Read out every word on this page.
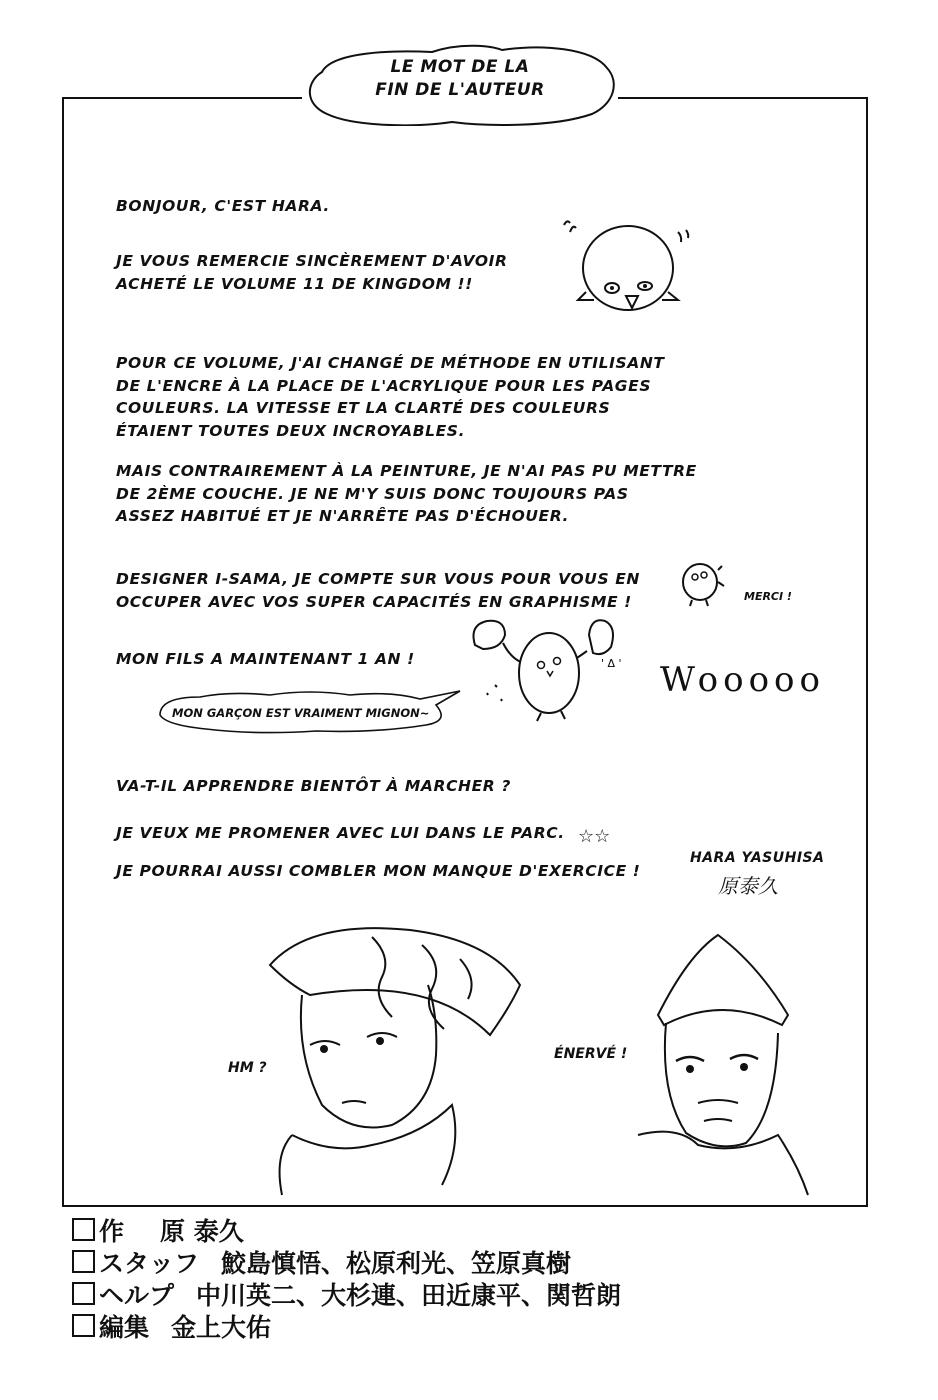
LE MOT DE LA
FIN DE L'AUTEUR
BONJOUR, C'EST HARA.
JE VOUS REMERCIE SINCÈREMENT D'AVOIR
ACHETÉ LE VOLUME 11 DE KINGDOM !!
POUR CE VOLUME, J'AI CHANGÉ DE MÉTHODE EN UTILISANT
DE L'ENCRE À LA PLACE DE L'ACRYLIQUE POUR LES PAGES
COULEURS. LA VITESSE ET LA CLARTÉ DES COULEURS
ÉTAIENT TOUTES DEUX INCROYABLES.
MAIS CONTRAIREMENT À LA PEINTURE, JE N'AI PAS PU METTRE
DE 2ÈME COUCHE. JE NE M'Y SUIS DONC TOUJOURS PAS
ASSEZ HABITUÉ ET JE N'ARRÊTE PAS D'ÉCHOUER.
DESIGNER I-SAMA, JE COMPTE SUR VOUS POUR VOUS EN
OCCUPER AVEC VOS SUPER CAPACITÉS EN GRAPHISME !
MON FILS A MAINTENANT 1 AN !
VA-T-IL APPRENDRE BIENTÔT À MARCHER ?
JE VEUX ME PROMENER AVEC LUI DANS LE PARC.
JE POURRAI AUSSI COMBLER MON MANQUE D'EXERCICE !
MERCI !
' Δ ' Wooooo
MON GARÇON EST VRAIMENT MIGNON~
☆☆
HARA YASUHISA
原泰久
HM ?
ÉNERVÉ !
作 原 泰久
スタッフ 鮫島慎悟、松原利光、笠原真樹
ヘルプ 中川英二、大杉連、田近康平、関哲朗
編集 金上大佑
